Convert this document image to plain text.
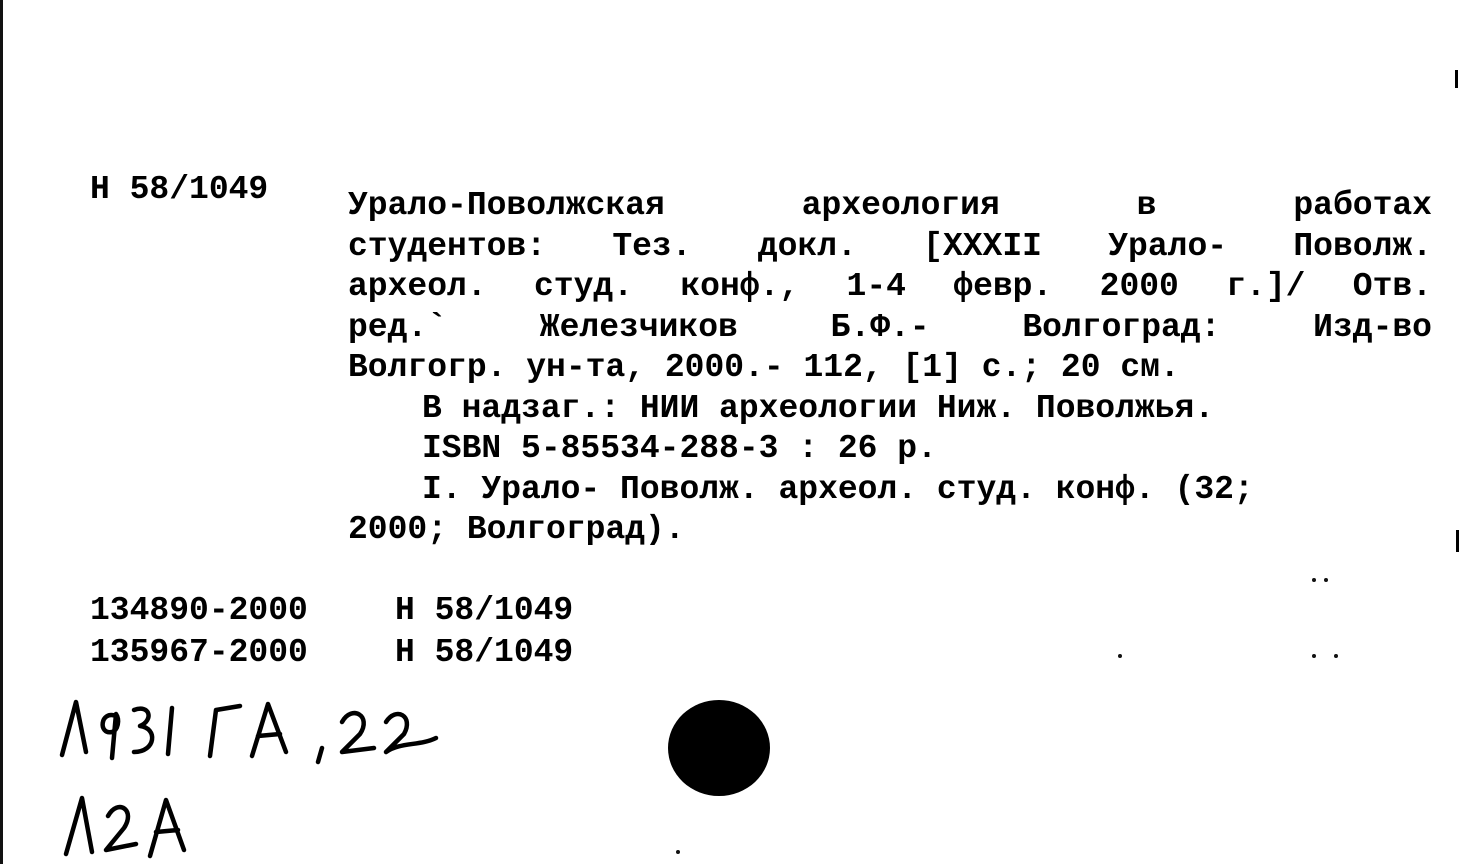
Н 58/1049 Урало-Поволжская археология в работах
студентов: Тез. докл. [XXXII Урало- Поволж.
археол. студ. конф., 1-4 февр. 2000 г.]/ Отв.
ред.` Железчиков Б.Ф.- Волгоград: Изд-во
Волгогр. ун-та, 2000.- 112, [1] с.; 20 см.
В надзаг.: НИИ археологии Ниж. Поволжья.
ISBN 5-85534-288-3 : 26 р.
I. Урало- Поволж. археол. студ. конф. (32;
2000; Волгоград).
134890-2000	Н 58/1049
135967-2000	Н 58/1049
